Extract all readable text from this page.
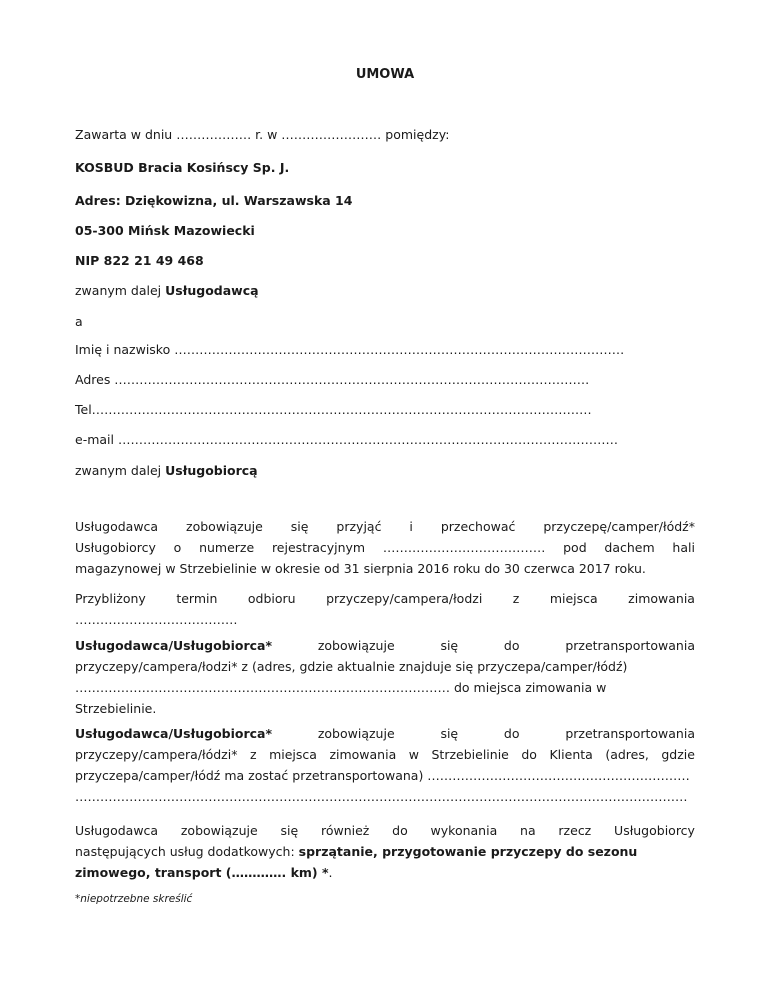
UMOWA
Zawarta w dniu ……………… r. w …………………… pomiędzy:
KOSBUD Bracia Kosińscy Sp. J.
Adres: Dziękowizna, ul. Warszawska 14
05-300 Mińsk Mazowiecki
NIP 822 21 49 468
zwanym dalej Usługodawcą
a
Imię i nazwisko ………………………………………………………………………………………………
Adres ……………………………………………………………………………………………………
Tel…………………………………………………………………………………………………………
e-mail …………………………………………………………………………………………………………
zwanym dalej Usługobiorcą
Usługodawca zobowiązuje się przyjąć i przechować przyczepę/camper/łódź*
Usługobiorcy o numerze rejestracyjnym ………………………………… pod dachem hali
magazynowej w Strzebielinie w okresie od 31 sierpnia 2016 roku do 30 czerwca 2017 roku.
Przybliżony termin odbioru przyczepy/campera/łodzi z miejsca zimowania
…………………………………
Usługodawca/Usługobiorca*	zobowiązuje	się	do	przetransportowania
przyczepy/campera/łodzi* z (adres, gdzie aktualnie znajduje się przyczepa/camper/łódź)
……………………………………………………………………………… do miejsca zimowania w
Strzebielinie.
Usługodawca/Usługobiorca*	zobowiązuje	się	do	przetransportowania
przyczepy/campera/łódzi* z miejsca zimowania w Strzebielinie do Klienta (adres, gdzie
przyczepa/camper/łódź ma zostać przetransportowana) ………………………………………………………
…………………………………………………………………………………………………………………………………
Usługodawca zobowiązuje się również do wykonania na rzecz Usługobiorcy
następujących usług dodatkowych: sprzątanie, przygotowanie przyczepy do sezonu
zimowego, transport (…………. km) *.
*niepotrzebne skreślić
